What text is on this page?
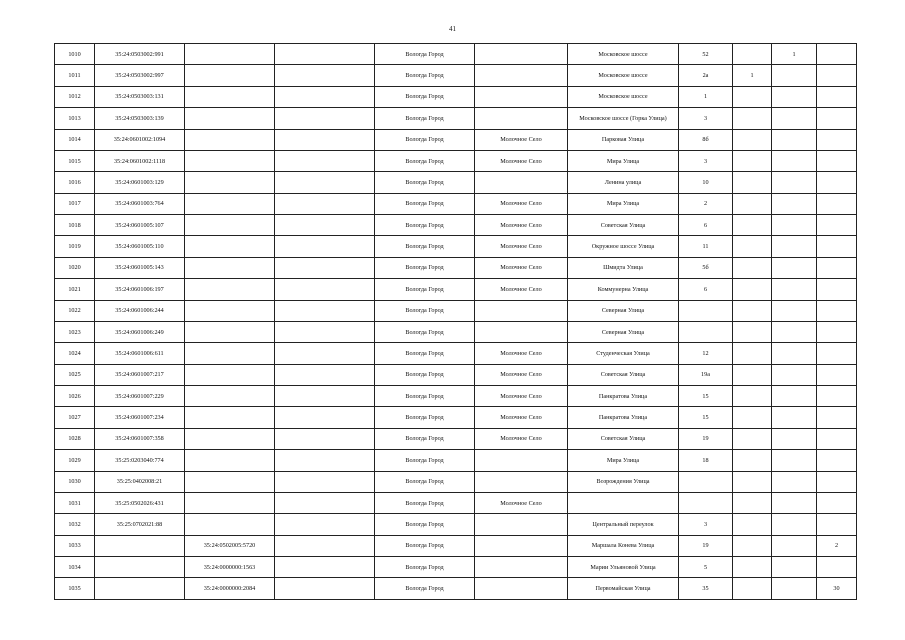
41
1010	35:24:0503002:991			Вологда Город		Московское шоссе	52		1	
1011	35:24:0503002:997			Вологда Город		Московское шоссе	2а	1		
1012	35:24:0503003:131			Вологда Город		Московское шоссе	1			
1013	35:24:0503003:139			Вологда Город		Московское шоссе (Горка Улица)	3			
1014	35:24:0601002:1094			Вологда Город	Молочное Село	Парковая Улица	8б			
1015	35:24:0601002:1118			Вологда Город	Молочное Село	Мира Улица	3			
1016	35:24:0601003:129			Вологда Город		Ленина улица	10			
1017	35:24:0601003:764			Вологда Город	Молочное Село	Мира Улица	2			
1018	35:24:0601005:107			Вологда Город	Молочное Село	Советская Улица	6			
1019	35:24:0601005:110			Вологда Город	Молочное Село	Окружное шоссе Улица	11			
1020	35:24:0601005:143			Вологда Город	Молочное Село	Шмидта Улица	5б			
1021	35:24:0601006:197			Вологда Город	Молочное Село	Коммунерна Улица	6			
1022	35:24:0601006:244			Вологда Город		Северная Улица				
1023	35:24:0601006:249			Вологда Город		Северная Улица				
1024	35:24:0601006:611			Вологда Город	Молочное Село	Студенческая Улица	12			
1025	35:24:0601007:217			Вологда Город	Молочное Село	Советская Улица	19а			
1026	35:24:0601007:229			Вологда Город	Молочное Село	Панкратова Улица	15			
1027	35:24:0601007:234			Вологда Город	Молочное Село	Панкратова Улица	15			
1028	35:24:0601007:358			Вологда Город	Молочное Село	Советская Улица	19			
1029	35:25:0203040:774			Вологда Город		Мира Улица	18			
1030	35:25:0402008:21			Вологда Город		Возрождения Улица				
1031	35:25:0502026:431			Вологда Город	Молочное Село					
1032	35:25:0702021:88			Вологда Город		Центральный переулок	3			
1033		35:24:0502005:5720		Вологда Город		Маршала Конева Улица	19			2
1034		35:24:0000000:1563		Вологда Город		Марии Ульяновой Улица	5			
1035		35:24:0000000:2084		Вологда Город		Первомайская Улица	35			30
